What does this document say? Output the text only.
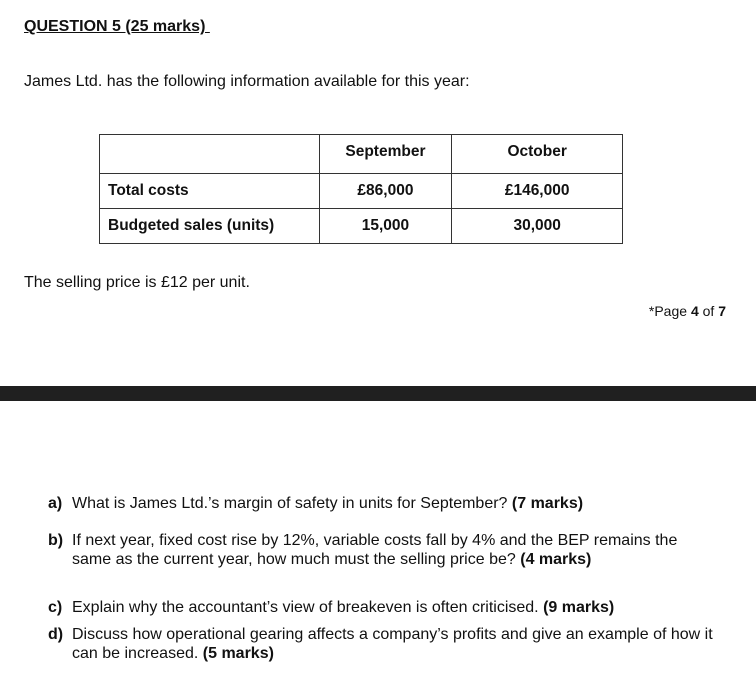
QUESTION 5 (25 marks)
James Ltd. has the following information available for this year:
	September	October
Total costs	£86,000	£146,000
Budgeted sales (units)	15,000	30,000
The selling price is £12 per unit.
*Page 4 of 7
a) What is James Ltd.’s margin of safety in units for September? (7 marks)
b) If next year, fixed cost rise by 12%, variable costs fall by 4% and the BEP remains the same as the current year, how much must the selling price be? (4 marks)
c) Explain why the accountant’s view of breakeven is often criticised. (9 marks)
d) Discuss how operational gearing affects a company’s profits and give an example of how it can be increased. (5 marks)
